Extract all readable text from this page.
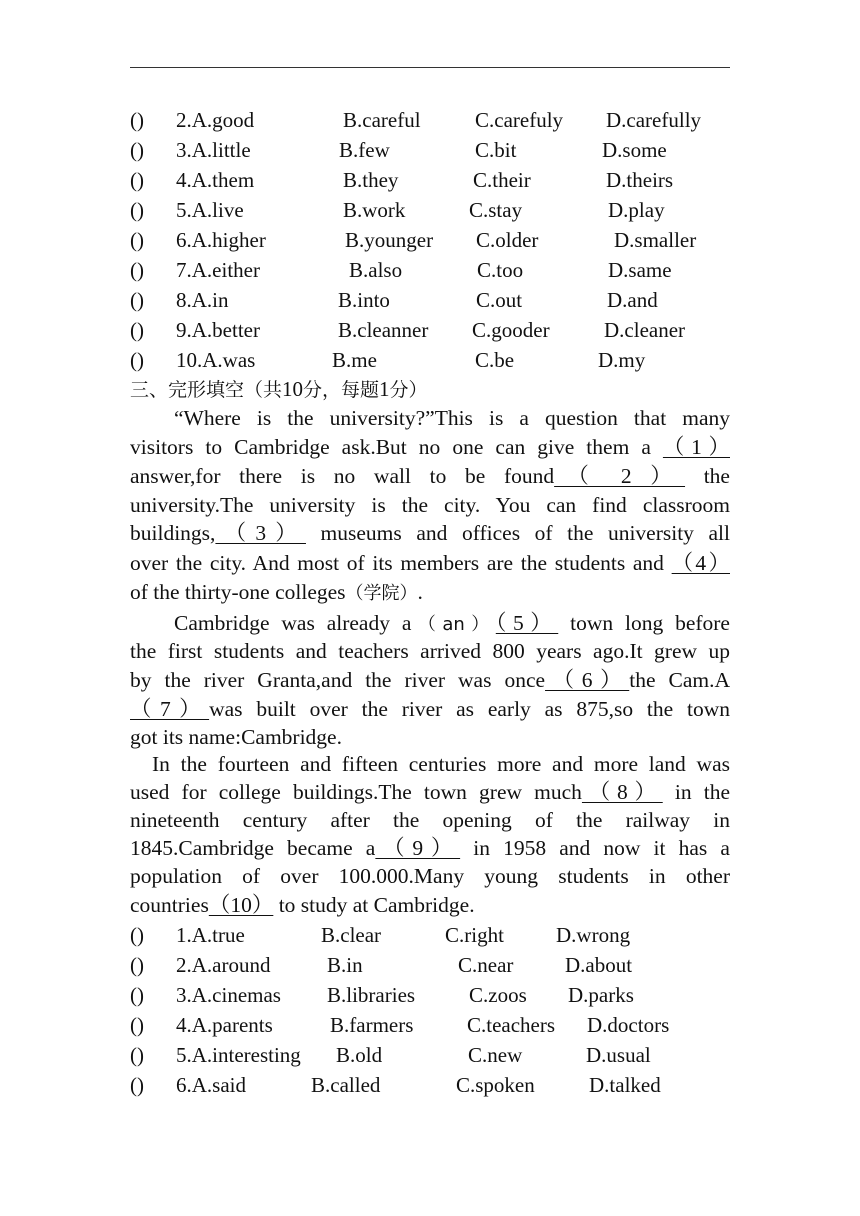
() 2.A.good	B.careful	C.carefuly D.carefully
() 3.A.little	B.few	C.bit	D.some
() 4.A.them	B.they	C.their	D.theirs
() 5.A.live	B.work	C.stay	D.play
() 6.A.higher	B.younger C.older	D.smaller
() 7.A.either	B.also	C.too	D.same
() 8.A.in	B.into	C.out	D.and
() 9.A.better	B.cleanner C.gooder	D.cleaner
() 10.A.was	B.me	C.be	D.my
三、完形填空（共10分，每题1分）
“Where is the university?”This is a question that many
visitors to Cambridge ask.But no one can give them a （1）
answer,for there is no wall to be found（ 2 ） the
university.The university is the city. You can find classroom
buildings,（3） museums and offices of the university all
over the city. And most of its members are the students and （4）
of the thirty-one colleges（学院）.
Cambridge was already a（an）（5） town long before
the first students and teachers arrived 800 years ago.It grew up
by the river Granta,and the river was once（6）the Cam.A
（7）was built over the river as early as 875,so the town
got its name:Cambridge.
In the fourteen and fifteen centuries more and more land was
used for college buildings.The town grew much（8） in the
nineteenth century after the opening of the railway in
1845.Cambridge became a（9） in 1958 and now it has a
population of over 100.000.Many young students in other
countries（10） to study at Cambridge.
() 1.A.true	B.clear	C.right D.wrong
() 2.A.around	B.in	C.near D.about
() 3.A.cinemas B.libraries	C.zoos D.parks
() 4.A.parents	B.farmers	C.teachers D.doctors
() 5.A.interesting B.old	C.new	D.usual
() 6.A.said	B.called	C.spoken	D.talked
